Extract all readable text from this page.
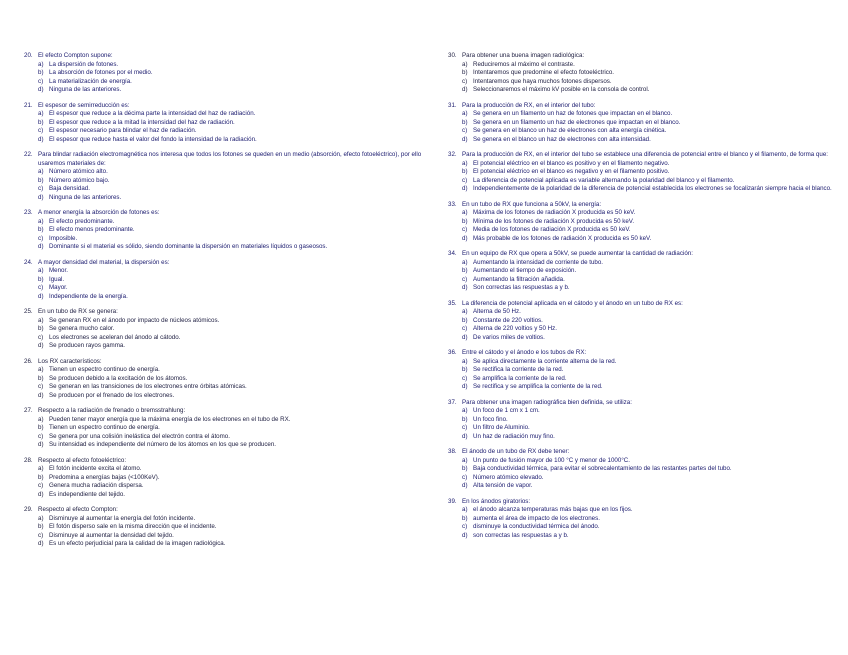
20. El efecto Compton supone:
a) La dispersión de fotones.
b) La absorción de fotones por el medio.
c) La materialización de energía.
d) Ninguna de las anteriores.
21. El espesor de semirreducción es:
a) El espesor que reduce a la décima parte la intensidad del haz de radiación.
b) El espesor que reduce a la mitad la intensidad del haz de radiación.
c) El espesor necesario para blindar el haz de radiación.
d) El espesor que reduce hasta el valor del fondo la intensidad de la radiación.
22. Para blindar radiación electromagnética nos interesa que todos los fotones se queden en un medio (absorción, efecto fotoeléctrico), por ello usaremos materiales de:
a) Número atómico alto.
b) Número atómico bajo.
c) Baja densidad.
d) Ninguna de las anteriores.
23. A menor energía la absorción de fotones es:
a) El efecto predominante.
b) El efecto menos predominante.
c) Imposible.
d) Dominante si el material es sólido, siendo dominante la dispersión en materiales líquidos o gaseosos.
24. A mayor densidad del material, la dispersión es:
a) Menor.
b) Igual.
c) Mayor.
d) Independiente de la energía.
25. En un tubo de RX se genera:
a) Se generan RX en el ánodo por impacto de núcleos atómicos.
b) Se genera mucho calor.
c) Los electrones se aceleran del ánodo al cátodo.
d) Se producen rayos gamma.
26. Los RX característicos:
a) Tienen un espectro continuo de energía.
b) Se producen debido a la excitación de los átomos.
c) Se generan en las transiciones de los electrones entre órbitas atómicas.
d) Se producen por el frenado de los electrones.
27. Respecto a la radiación de frenado o bremsstrahlung:
a) Pueden tener mayor energía que la máxima energía de los electrones en el tubo de RX.
b) Tienen un espectro continuo de energía.
c) Se genera por una colisión inelástica del electrón contra el átomo.
d) Su intensidad es independiente del número de los átomos en los que se producen.
28. Respecto al efecto fotoeléctrico:
a) El fotón incidente excita el átomo.
b) Predomina a energías bajas (<100KeV).
c) Genera mucha radiación dispersa.
d) Es independiente del tejido.
29. Respecto al efecto Compton:
a) Disminuye al aumentar la energía del fotón incidente.
b) El fotón disperso sale en la misma dirección que el incidente.
c) Disminuye al aumentar la densidad del tejido.
d) Es un efecto perjudicial para la calidad de la imagen radiológica.
30. Para obtener una buena imagen radiológica:
a) Reduciremos al máximo el contraste.
b) Intentaremos que predomine el efecto fotoeléctrico.
c) Intentaremos que haya muchos fotones dispersos.
d) Seleccionaremos el máximo kV posible en la consola de control.
31. Para la producción de RX, en el interior del tubo:
a) Se genera en un filamento un haz de fotones que impactan en el blanco.
b) Se genera en un filamento un haz de electrones que impactan en el blanco.
c) Se genera en el blanco un haz de electrones con alta energía cinética.
d) Se genera en el blanco un haz de electrones con alta intensidad.
32. Para la producción de RX, en el interior del tubo se establece una diferencia de potencial entre el blanco y el filamento, de forma que:
a) El potencial eléctrico en el blanco es positivo y en el filamento negativo.
b) El potencial eléctrico en el blanco es negativo y en el filamento positivo.
c) La diferencia de potencial aplicada es variable alternando la polaridad del blanco y el filamento.
d) Independientemente de la polaridad de la diferencia de potencial establecida los electrones se focalizarán siempre hacia el blanco.
33. En un tubo de RX que funciona a 50kV, la energía:
a) Máxima de los fotones de radiación X producida es 50 keV.
b) Mínima de los fotones de radiación X producida es 50 keV.
c) Media de los fotones de radiación X producida es 50 keV.
d) Más probable de los fotones de radiación X producida es 50 keV.
34. En un equipo de RX que opera a 50kV, se puede aumentar la cantidad de radiación:
a) Aumentando la intensidad de corriente de tubo.
b) Aumentando el tiempo de exposición.
c) Aumentando la filtración añadida.
d) Son correctas las respuestas a y b.
35. La diferencia de potencial aplicada en el cátodo y el ánodo en un tubo de RX es:
a) Alterna de 50 Hz.
b) Constante de 220 voltios.
c) Alterna de 220 voltios y 50 Hz.
d) De varios miles de voltios.
36. Entre el cátodo y el ánodo e los tubos de RX:
a) Se aplica directamente la corriente alterna de la red.
b) Se rectifica la corriente de la red.
c) Se amplifica la corriente de la red.
d) Se rectifica y se amplifica la corriente de la red.
37. Para obtener una imagen radiográfica bien definida, se utiliza:
a) Un foco de 1 cm x 1 cm.
b) Un foco fino.
c) Un filtro de Aluminio.
d) Un haz de radiación muy fino.
38. El ánodo de un tubo de RX debe tener:
a) Un punto de fusión mayor de 100 °C y menor de 1000°C.
b) Baja conductividad térmica, para evitar el sobrecalentamiento de las restantes partes del tubo.
c) Número atómico elevado.
d) Alta tensión de vapor.
39. En los ánodos giratorios:
a) el ánodo alcanza temperaturas más bajas que en los fijos.
b) aumenta el área de impacto de los electrones.
c) disminuye la conductividad térmica del ánodo.
d) son correctas las respuestas a y b.
